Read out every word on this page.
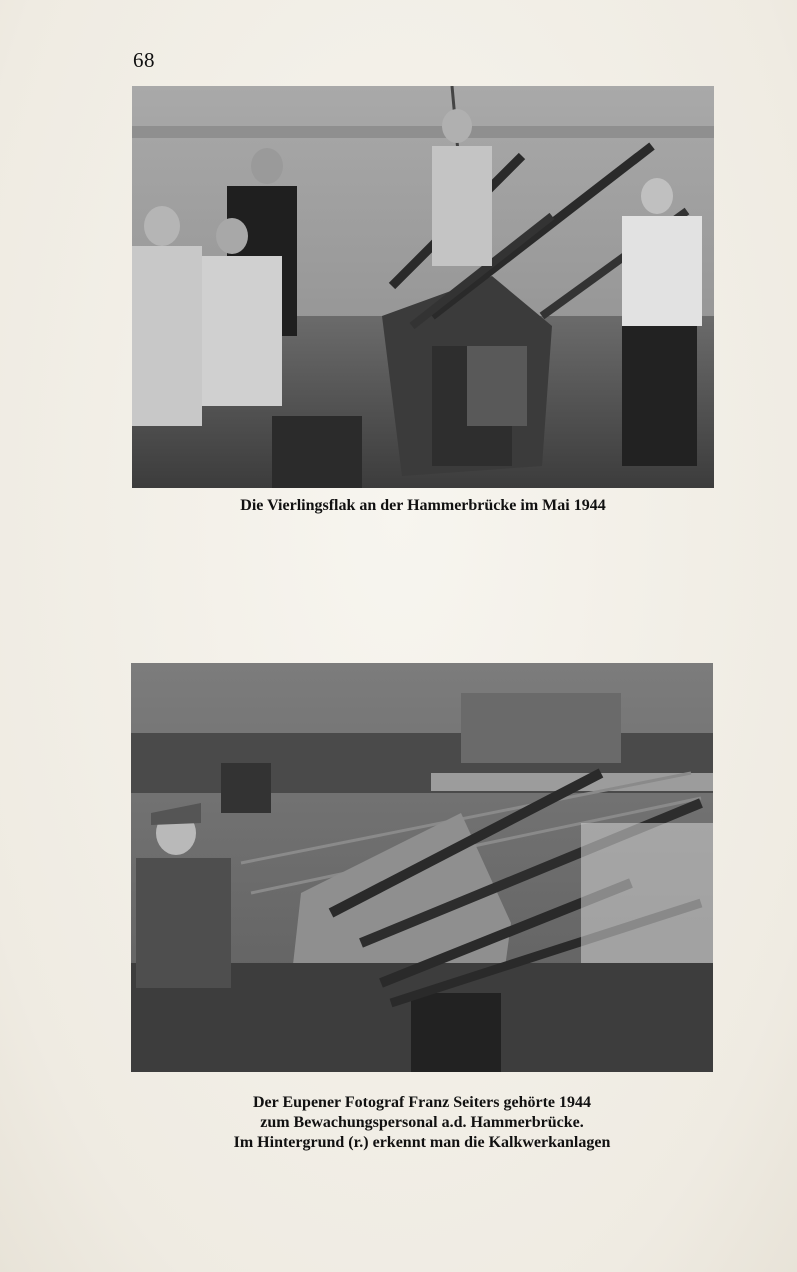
68
Die Vierlingsflak an der Hammerbrücke im Mai 1944
Der Eupener Fotograf Franz Seiters gehörte 1944
zum Bewachungspersonal a.d. Hammerbrücke.
Im Hintergrund (r.) erkennt man die Kalkwerkanlagen
